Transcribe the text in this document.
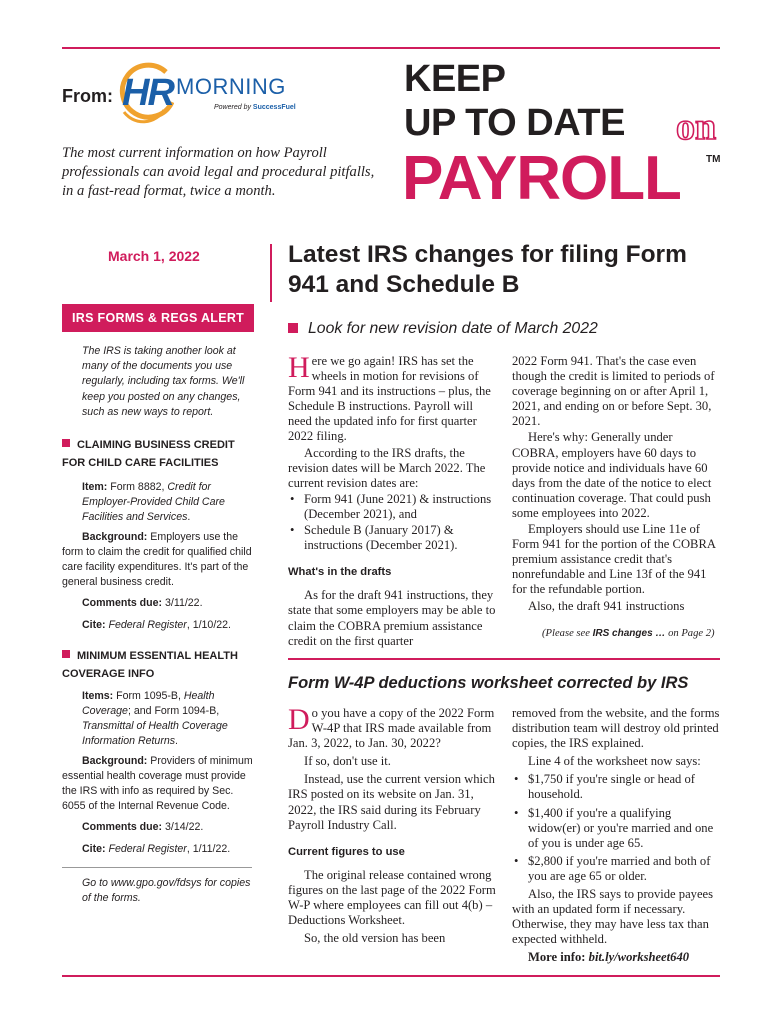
From: HR MORNING
Powered by SuccessFuel
The most current information on how Payroll professionals can avoid legal and procedural pitfalls, in a fast-read format, twice a month.
KEEP
UP TO DATE on
PAYROLL	TM
March 1, 2022
IRS FORMS & REGS ALERT

The IRS is taking another look at many of the documents you use regularly, including tax forms. We'll keep you posted on any changes, such as new ways to report.

CLAIMING BUSINESS CREDIT FOR CHILD CARE FACILITIES

Item: Form 8882, Credit for Employer-Provided Child Care Facilities and Services.

Background: Employers use the form to claim the credit for qualified child care facility expenditures. It's part of the general business credit.

Comments due: 3/11/22.

Cite: Federal Register, 1/10/22.

MINIMUM ESSENTIAL HEALTH COVERAGE INFO

Items: Form 1095-B, Health Coverage; and Form 1094-B, Transmittal of Health Coverage Information Returns.

Background: Providers of minimum essential health coverage must provide the IRS with info as required by Sec. 6055 of the Internal Revenue Code.

Comments due: 3/14/22.

Cite: Federal Register, 1/11/22.

Go to www.gpo.gov/fdsys for copies of the forms.

Latest IRS changes for filing Form 941 and Schedule B
Look for new revision date of March 2022

Here we go again! IRS has set the wheels in motion for revisions of Form 941 and its instructions – plus, the Schedule B instructions. Payroll will need the updated info for first quarter 2022 filing.

According to the IRS drafts, the revision dates will be March 2022. The current revision dates are:

• Form 941 (June 2021) & instructions (December 2021), and

• Schedule B (January 2017) & instructions (December 2021).

What's in the drafts

As for the draft 941 instructions, they state that some employers may be able to claim the COBRA premium assistance credit on the first quarter

2022 Form 941. That's the case even though the credit is limited to periods of coverage beginning on or after April 1, 2021, and ending on or before Sept. 30, 2021.

Here's why: Generally under COBRA, employers have 60 days to provide notice and individuals have 60 days from the date of the notice to elect continuation coverage. That could push some employees into 2022.

Employers should use Line 11e of Form 941 for the portion of the COBRA premium assistance credit that's nonrefundable and Line 13f of the 941 for the refundable portion.

Also, the draft 941 instructions

(Please see IRS changes … on Page 2)
Form W-4P deductions worksheet corrected by IRS

Do you have a copy of the 2022 Form W-4P that IRS made available from Jan. 3, 2022, to Jan. 30, 2022?

If so, don't use it.

Instead, use the current version which IRS posted on its website on Jan. 31, 2022, the IRS said during its February Payroll Industry Call.

Current figures to use

The original release contained wrong figures on the last page of the 2022 Form W-P where employees can fill out 4(b) – Deductions Worksheet.

So, the old version has been

removed from the website, and the forms distribution team will destroy old printed copies, the IRS explained.

Line 4 of the worksheet now says:

• $1,750 if you're single or head of household.

• $1,400 if you're a qualifying widow(er) or you're married and one of you is under age 65.

• $2,800 if you're married and both of you are age 65 or older.

Also, the IRS says to provide payees with an updated form if necessary. Otherwise, they may have less tax than expected withheld.

More info: bit.ly/worksheet640
